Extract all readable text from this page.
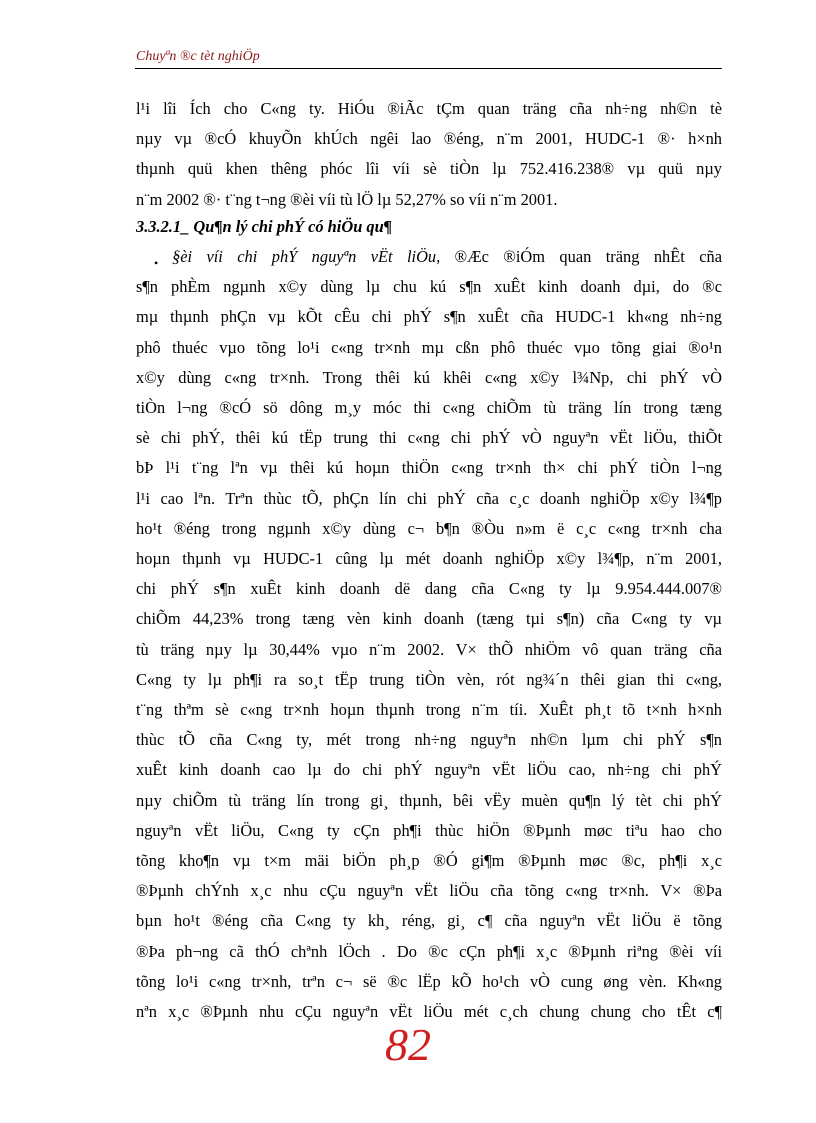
Chuyªn ®c tèt nghiÖp
l¹i lîi Ích cho C«ng ty. HiÓu ®iÃc tÇm quan träng cña nh÷ng nh©n tè
nµy vµ ®cÓ khuyÕn khÚch ngêi lao ®éng, n¨m 2001, HUDC-1 ®· h×nh
thµnh quü khen thêng phóc lîi víi sè tiÒn lµ 752.416.238® vµ quü nµy
n¨m 2002 ®· t¨ng t¬ng ®èi víi tù lÖ lµ 52,27% so víi n¨m 2001.
3.3.2.1_ Qu¶n lý chi phÝ có hiÖu qu¶
• §èi víi chi phÝ nguyªn vËt liÖu, ®Æc ®iÓm quan träng nhÊt cña
s¶n phÈm ngµnh x©y dùng lµ chu kú s¶n xuÊt kinh doanh dµi, do ®c
mµ thµnh phÇn vµ kÕt cÊu chi phÝ s¶n xuÊt cña HUDC-1 kh«ng nh÷ng
phô thuéc vµo tõng lo¹i c«ng tr×nh mµ cßn phô thuéc vµo tõng giai ®o¹n
x©y dùng c«ng tr×nh. Trong thêi kú khêi c«ng x©y l¾Np, chi phÝ vÒ
tiÒn l¬ng ®cÓ sö dông m¸y móc thi c«ng chiÕm tù träng lín trong tæng
sè chi phÝ, thêi kú tËp trung thi c«ng chi phÝ vÒ nguyªn vËt liÖu, thiÕt
bÞ l¹i t¨ng lªn vµ thêi kú hoµn thiÖn c«ng tr×nh th× chi phÝ tiÒn l¬ng
l¹i cao lªn. Trªn thùc tÕ, phÇn lín chi phÝ cña c¸c doanh nghiÖp x©y l¾¶p
ho¹t ®éng trong ngµnh x©y dùng c¬ b¶n ®Òu n»m ë c¸c c«ng tr×nh cha
hoµn thµnh vµ HUDC-1 cûng lµ mét doanh nghiÖp x©y l¾¶p, n¨m 2001,
chi phÝ s¶n xuÊt kinh doanh dë dang cña C«ng ty lµ 9.954.444.007®
chiÕm 44,23% trong tæng vèn kinh doanh (tæng tµi s¶n) cña C«ng ty vµ
tù träng nµy lµ 30,44% vµo n¨m 2002. V× thÕ nhiÖm vô quan träng cña
C«ng ty lµ ph¶i ra so¸t tËp trung tiÒn vèn, rót ng¾´n thêi gian thi c«ng,
t¨ng thªm sè c«ng tr×nh hoµn thµnh trong n¨m tíi. XuÊt ph¸t tõ t×nh h×nh
thùc tÕ cña C«ng ty, mét trong nh÷ng nguyªn nh©n lµm chi phÝ s¶n
xuÊt kinh doanh cao lµ do chi phÝ nguyªn vËt liÖu cao, nh÷ng chi phÝ
nµy chiÕm tù träng lín trong gi¸ thµnh, bêi vËy muèn qu¶n lý tèt chi phÝ
nguyªn vËt liÖu, C«ng ty cÇn ph¶i thùc hiÖn ®Þµnh møc tiªu hao cho
tõng kho¶n vµ t×m mäi biÖn ph¸p ®Ó gi¶m ®Þµnh møc ®c, ph¶i x¸c
®Þµnh chÝnh x¸c nhu cÇu nguyªn vËt liÖu cña tõng c«ng tr×nh. V× ®Þa
bµn ho¹t ®éng cña C«ng ty kh¸ réng, gi¸ c¶ cña nguyªn vËt liÖu ë tõng
®Þa ph¬ng cã thÓ chªnh lÖch . Do ®c cÇn ph¶i x¸c ®Þµnh riªng ®èi víi
tõng lo¹i c«ng tr×nh, trªn c¬ së ®c lËp kÕ ho¹ch vÒ cung øng vèn. Kh«ng
nªn x¸c ®Þµnh nhu cÇu nguyªn vËt liÖu mét c¸ch chung chung cho tÊt c¶
82
